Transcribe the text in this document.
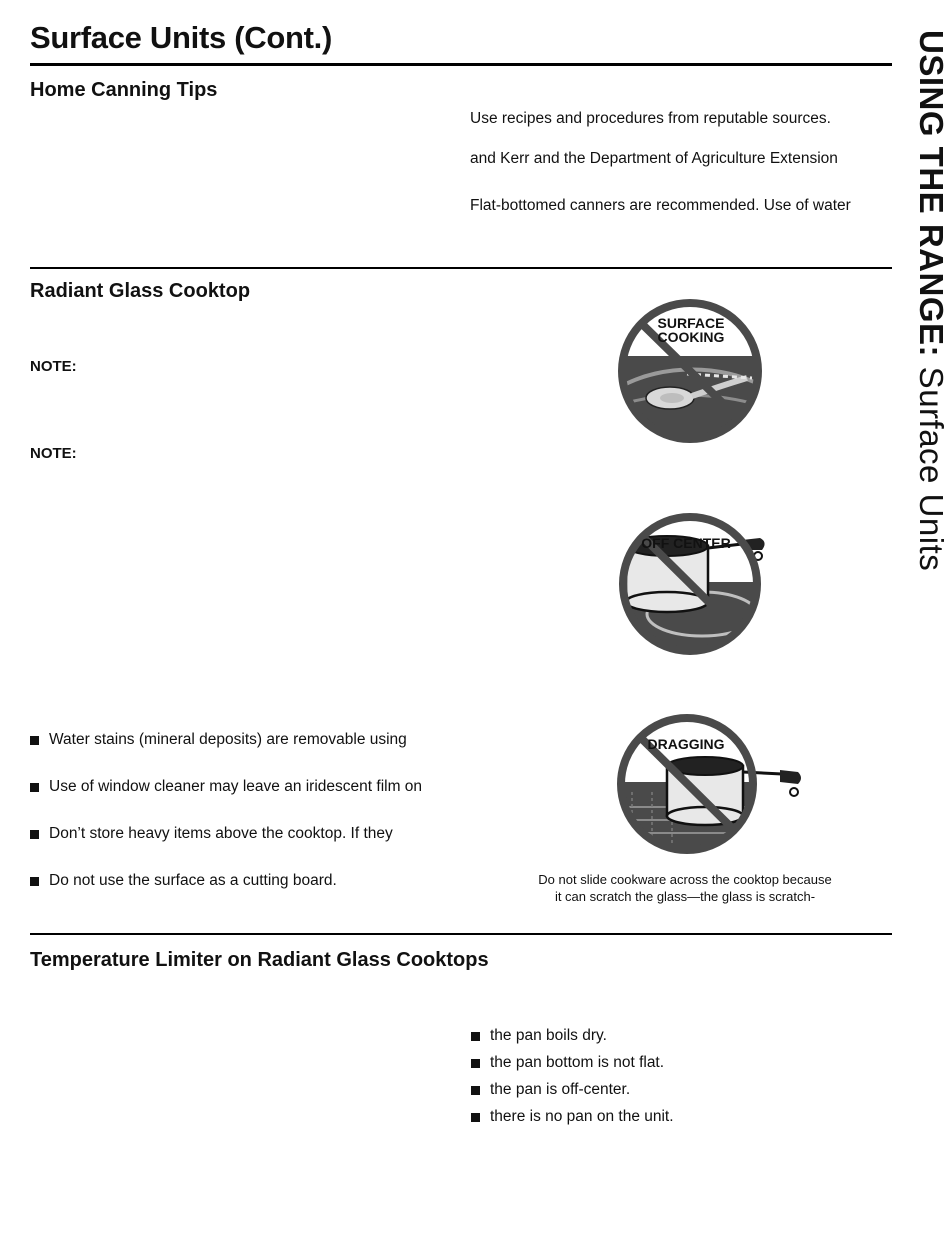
Surface Units (Cont.)	USING THE RANGE: Surface Units
Home Canning Tips
Use recipes and procedures from reputable sources.
and Kerr and the Department of Agriculture Extension
Flat-bottomed canners are recommended. Use of water
Radiant Glass Cooktop
NOTE:
NOTE:
Water stains (mineral deposits) are removable using
Use of window cleaner may leave an iridescent film on
Don’t store heavy items above the cooktop. If they
Do not use the surface as a cutting board.
SURFACE
COOKING
OFF CENTER
DRAGGING
Do not slide cookware across the cooktop because
it can scratch the glass—the glass is scratch-
Temperature Limiter on Radiant Glass Cooktops
the pan boils dry.
the pan bottom is not flat.
the pan is off-center.
there is no pan on the unit.
